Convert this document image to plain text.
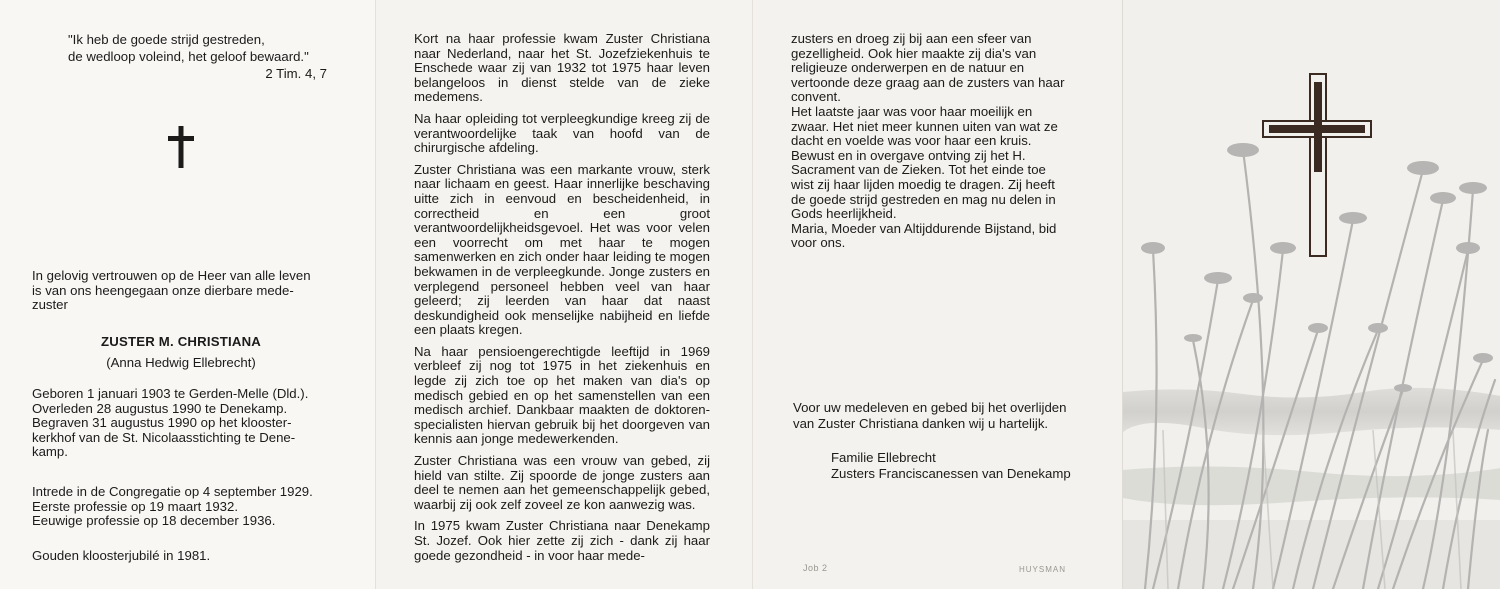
"Ik heb de goede strijd gestreden,
de wedloop voleind, het geloof bewaard."
2 Tim. 4, 7
In gelovig vertrouwen op de Heer van alle leven
is van ons heengegaan onze dierbare mede-
zuster
ZUSTER M. CHRISTIANA
(Anna Hedwig Ellebrecht)

Geboren 1 januari 1903 te Gerden-Melle (Dld.).

Overleden 28 augustus 1990 te Denekamp.

Begraven 31 augustus 1990 op het klooster-

kerkhof van de St. Nicolaasstichting te Dene-

kamp.

Intrede in de Congregatie op 4 september 1929.

Eerste professie op 19 maart 1932.

Eeuwige professie op 18 december 1936.

Gouden kloosterjubilé in 1981.

Kort na haar professie kwam Zuster Christiana naar Nederland, naar het St. Jozefziekenhuis te Enschede waar zij van 1932 tot 1975 haar leven belangeloos in dienst stelde van de zieke medemens.

Na haar opleiding tot verpleegkundige kreeg zij de verantwoordelijke taak van hoofd van de chirurgische afdeling.

Zuster Christiana was een markante vrouw, sterk naar lichaam en geest. Haar innerlijke beschaving uitte zich in eenvoud en bescheidenheid, in correctheid en een groot verantwoordelijkheidsgevoel. Het was voor velen een voorrecht om met haar te mogen samenwerken en zich onder haar leiding te mogen bekwamen in de verpleegkunde. Jonge zusters en verplegend personeel hebben veel van haar geleerd; zij leerden van haar dat naast deskundigheid ook menselijke nabijheid en liefde een plaats kregen.

Na haar pensioengerechtigde leeftijd in 1969 verbleef zij nog tot 1975 in het ziekenhuis en legde zij zich toe op het maken van dia's op medisch gebied en op het samenstellen van een medisch archief. Dankbaar maakten de doktoren-specialisten hiervan gebruik bij het doorgeven van kennis aan jonge medewerkenden.

Zuster Christiana was een vrouw van gebed, zij hield van stilte. Zij spoorde de jonge zusters aan deel te nemen aan het gemeenschappelijk gebed, waarbij zij ook zelf zoveel ze kon aanwezig was.

In 1975 kwam Zuster Christiana naar Denekamp St. Jozef. Ook hier zette zij zich - dank zij haar goede gezondheid - in voor haar mede-

zusters en droeg zij bij aan een sfeer van

gezelligheid. Ook hier maakte zij dia's van

religieuze onderwerpen en de natuur en

vertoonde deze graag aan de zusters van haar

convent.

Het laatste jaar was voor haar moeilijk en

zwaar. Het niet meer kunnen uiten van wat ze

dacht en voelde was voor haar een kruis.

Bewust en in overgave ontving zij het H.

Sacrament van de Zieken. Tot het einde toe

wist zij haar lijden moedig te dragen. Zij heeft

de goede strijd gestreden en mag nu delen in

Gods heerlijkheid.

Maria, Moeder van Altijddurende Bijstand, bid

voor ons.

Voor uw medeleven en gebed bij het overlijden
van Zuster Christiana danken wij u hartelijk.
Familie Ellebrecht
Zusters Franciscanessen van Denekamp
Job 2	HUYSMAN
